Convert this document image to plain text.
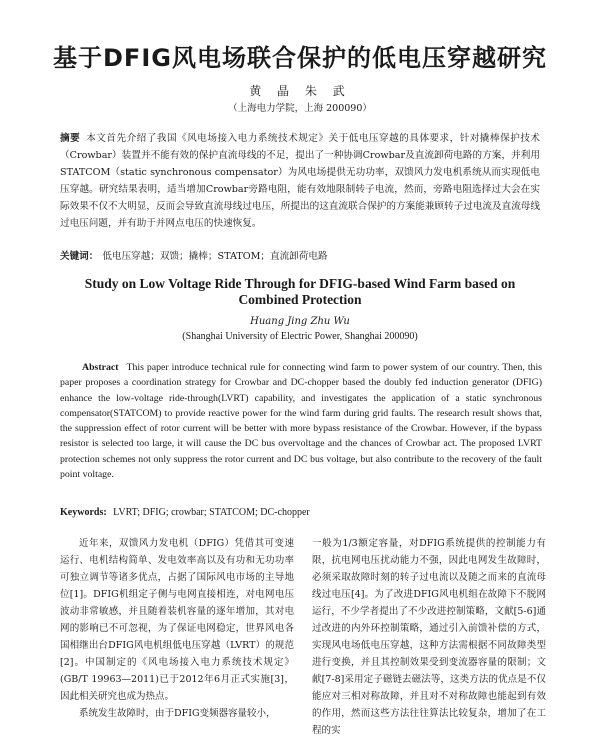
基于DFIG风电场联合保护的低电压穿越研究
黄 晶 朱 武
（上海电力学院，上海 200090）
摘要 本文首先介绍了我国《风电场接入电力系统技术规定》关于低电压穿越的具体要求，针对撬棒保护技术（Crowbar）装置并不能有效的保护直流母线的不足，提出了一种协调Crowbar及直流卸荷电路的方案，并利用STATCOM（static synchronous compensator）为风电场提供无功功率，双馈风力发电机系统从而实现低电压穿越。研究结果表明，适当增加Crowbar旁路电阻，能有效地限制转子电流，然而，旁路电阻选择过大会在实际效果不仅不大明显，反而会导致直流母线过电压，所提出的这直流联合保护的方案能兼顾转子过电流及直流母线过电压问题，并有助于并网点电压的快速恢复。
关键词： 低电压穿越；双馈；撬棒；STATOM；直流卸荷电路
Study on Low Voltage Ride Through for DFIG-based Wind Farm based on Combined Protection
Huang Jing Zhu Wu
(Shanghai University of Electric Power, Shanghai 200090)
Abstract This paper introduce technical rule for connecting wind farm to power system of our country. Then, this paper proposes a coordination strategy for Crowbar and DC-chopper based the doubly fed induction generator (DFIG) enhance the low-voltage ride-through(LVRT) capability, and investigates the application of a static synchronous compensator(STATCOM) to provide reactive power for the wind farm during grid faults. The research result shows that, the suppression effect of rotor current will be better with more bypass resistance of the Crowbar. However, if the bypass resistor is selected too large, it will cause the DC bus overvoltage and the chances of Crowbar act. The proposed LVRT protection schemes not only suppress the rotor current and DC bus voltage, but also contribute to the recovery of the fault point voltage.
Keywords: LVRT; DFIG; crowbar; STATCOM; DC-chopper

近年来，双馈风力发电机（DFIG）凭借其可变速运行、电机结构简单、发电效率高以及有功和无功功率可独立调节等诸多优点，占据了国际风电市场的主导地位[1]。DFIG机组定子侧与电网直接相连，对电网电压波动非常敏感，并且随着装机容量的逐年增加，其对电网的影响已不可忽视，为了保证电网稳定，世界风电各国相继出台DFIG风电机组低电压穿越（LVRT）的规范[2]。中国制定的《风电场接入电力系统技术规定》(GB/T 19963—2011)已于2012年6月正式实施[3]，因此相关研究也成为热点。

系统发生故障时，由于DFIG变频器容量较小，

一般为1/3额定容量，对DFIG系统提供的控制能力有限，抗电网电压扰动能力不强，因此电网发生故障时，必须采取故障时刻的转子过电流以及随之而来的直流母线过电压[4]。为了改进DFIG风电机组在故障下不脱网运行，不少学者提出了不少改进控制策略，文献[5-6]通过改进的内外环控制策略，通过引入前馈补偿的方式，实现风电场低电压穿越，这种方法需根据不同故障类型进行变换，并且其控制效果受到变流器容量的限制；文献[7-8]采用定子磁链去磁法等，这类方法的优点是不仅能应对三相对称故障，并且对不对称故障也能起到有效的作用，然而这些方法往往算法比较复杂，增加了在工程的实
